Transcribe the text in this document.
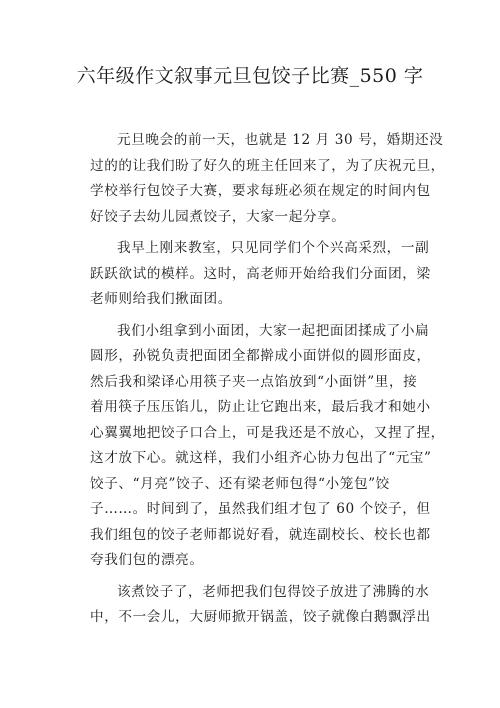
六年级作文叙事元旦包饺子比赛_550 字
元旦晚会的前一天，也就是 12 月 30 号，婚期还没
过的的让我们盼了好久的班主任回来了，为了庆祝元旦，
学校举行包饺子大赛，要求每班必须在规定的时间内包
好饺子去幼儿园煮饺子，大家一起分享。
我早上刚来教室，只见同学们个个兴高采烈，一副
跃跃欲试的模样。这时，高老师开始给我们分面团，梁
老师则给我们揪面团。
我们小组拿到小面团，大家一起把面团揉成了小扁
圆形，孙锐负责把面团全都擀成小面饼似的圆形面皮，
然后我和梁译心用筷子夹一点馅放到“小面饼”里，接
着用筷子压压馅儿，防止让它跑出来，最后我才和她小
心翼翼地把饺子口合上，可是我还是不放心，又捏了捏，
这才放下心。就这样，我们小组齐心协力包出了“元宝”
饺子、“月亮”饺子、还有梁老师包得“小笼包”饺
子……。时间到了，虽然我们组才包了 60 个饺子，但
我们组包的饺子老师都说好看，就连副校长、校长也都
夸我们包的漂亮。
该煮饺子了，老师把我们包得饺子放进了沸腾的水
中，不一会儿，大厨师掀开锅盖，饺子就像白鹅飘浮出
